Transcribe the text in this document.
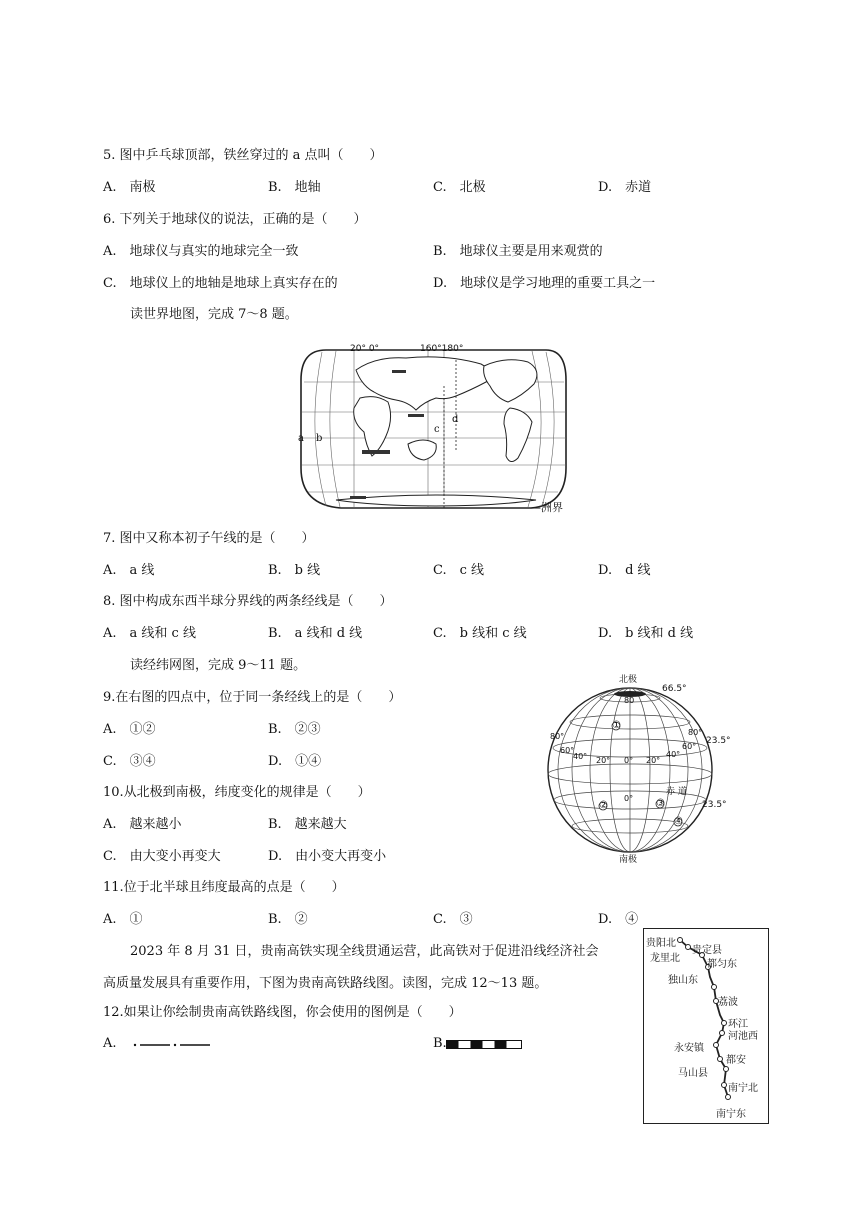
5. 图中乒乓球顶部，铁丝穿过的 a 点叫（　　）
A.　南极	B.　地轴	C.　北极	D.　赤道
6. 下列关于地球仪的说法，正确的是（　　）
A.　地球仪与真实的地球完全一致	B.　地球仪主要是用来观赏的
C.　地球仪上的地轴是地球上真实存在的	D.　地球仪是学习地理的重要工具之一
读世界地图，完成 7～8 题。
20° 0°	160°180°
a b
c
d
—洲界
7. 图中又称本初子午线的是（　　）
A.　a 线	B.　b 线	C.　c 线	D.　d 线
8. 图中构成东西半球分界线的两条经线是（　　）
A.　a 线和 c 线	B.　a 线和 d 线	C.　b 线和 c 线	D.　b 线和 d 线
读经纬网图，完成 9～11 题。
9.在右图的四点中，位于同一条经线上的是（　　）
A.　①②	B.　②③
C.　③④	D.　①④
10.从北极到南极，纬度变化的规律是（　　）
A.　越来越小	B.　越来越大
C.　由大变小再变大	D.　由小变大再变小
11.位于北半球且纬度最高的点是（　　）
A.　①	B.　②	C.　③	D.　④
北极
南极
66.5°
80
23.5°
23.5°
赤 道
0°
80°
60°
40° 20° 0° 20°
40°
60°
80°
①
②	③
④
2023 年 8 月 31 日，贵南高铁实现全线贯通运营，此高铁对于促进沿线经济社会
高质量发展具有重要作用，下图为贵南高铁路线图。读图，完成 12～13 题。
12.如果让你绘制贵南高铁路线图，你会使用的图例是（　　）
A.	B.
贵阳北
贵定县
龙里北
都匀东
独山东
荔波
环江
河池西
永安镇
都安
马山县
南宁北
南宁东
